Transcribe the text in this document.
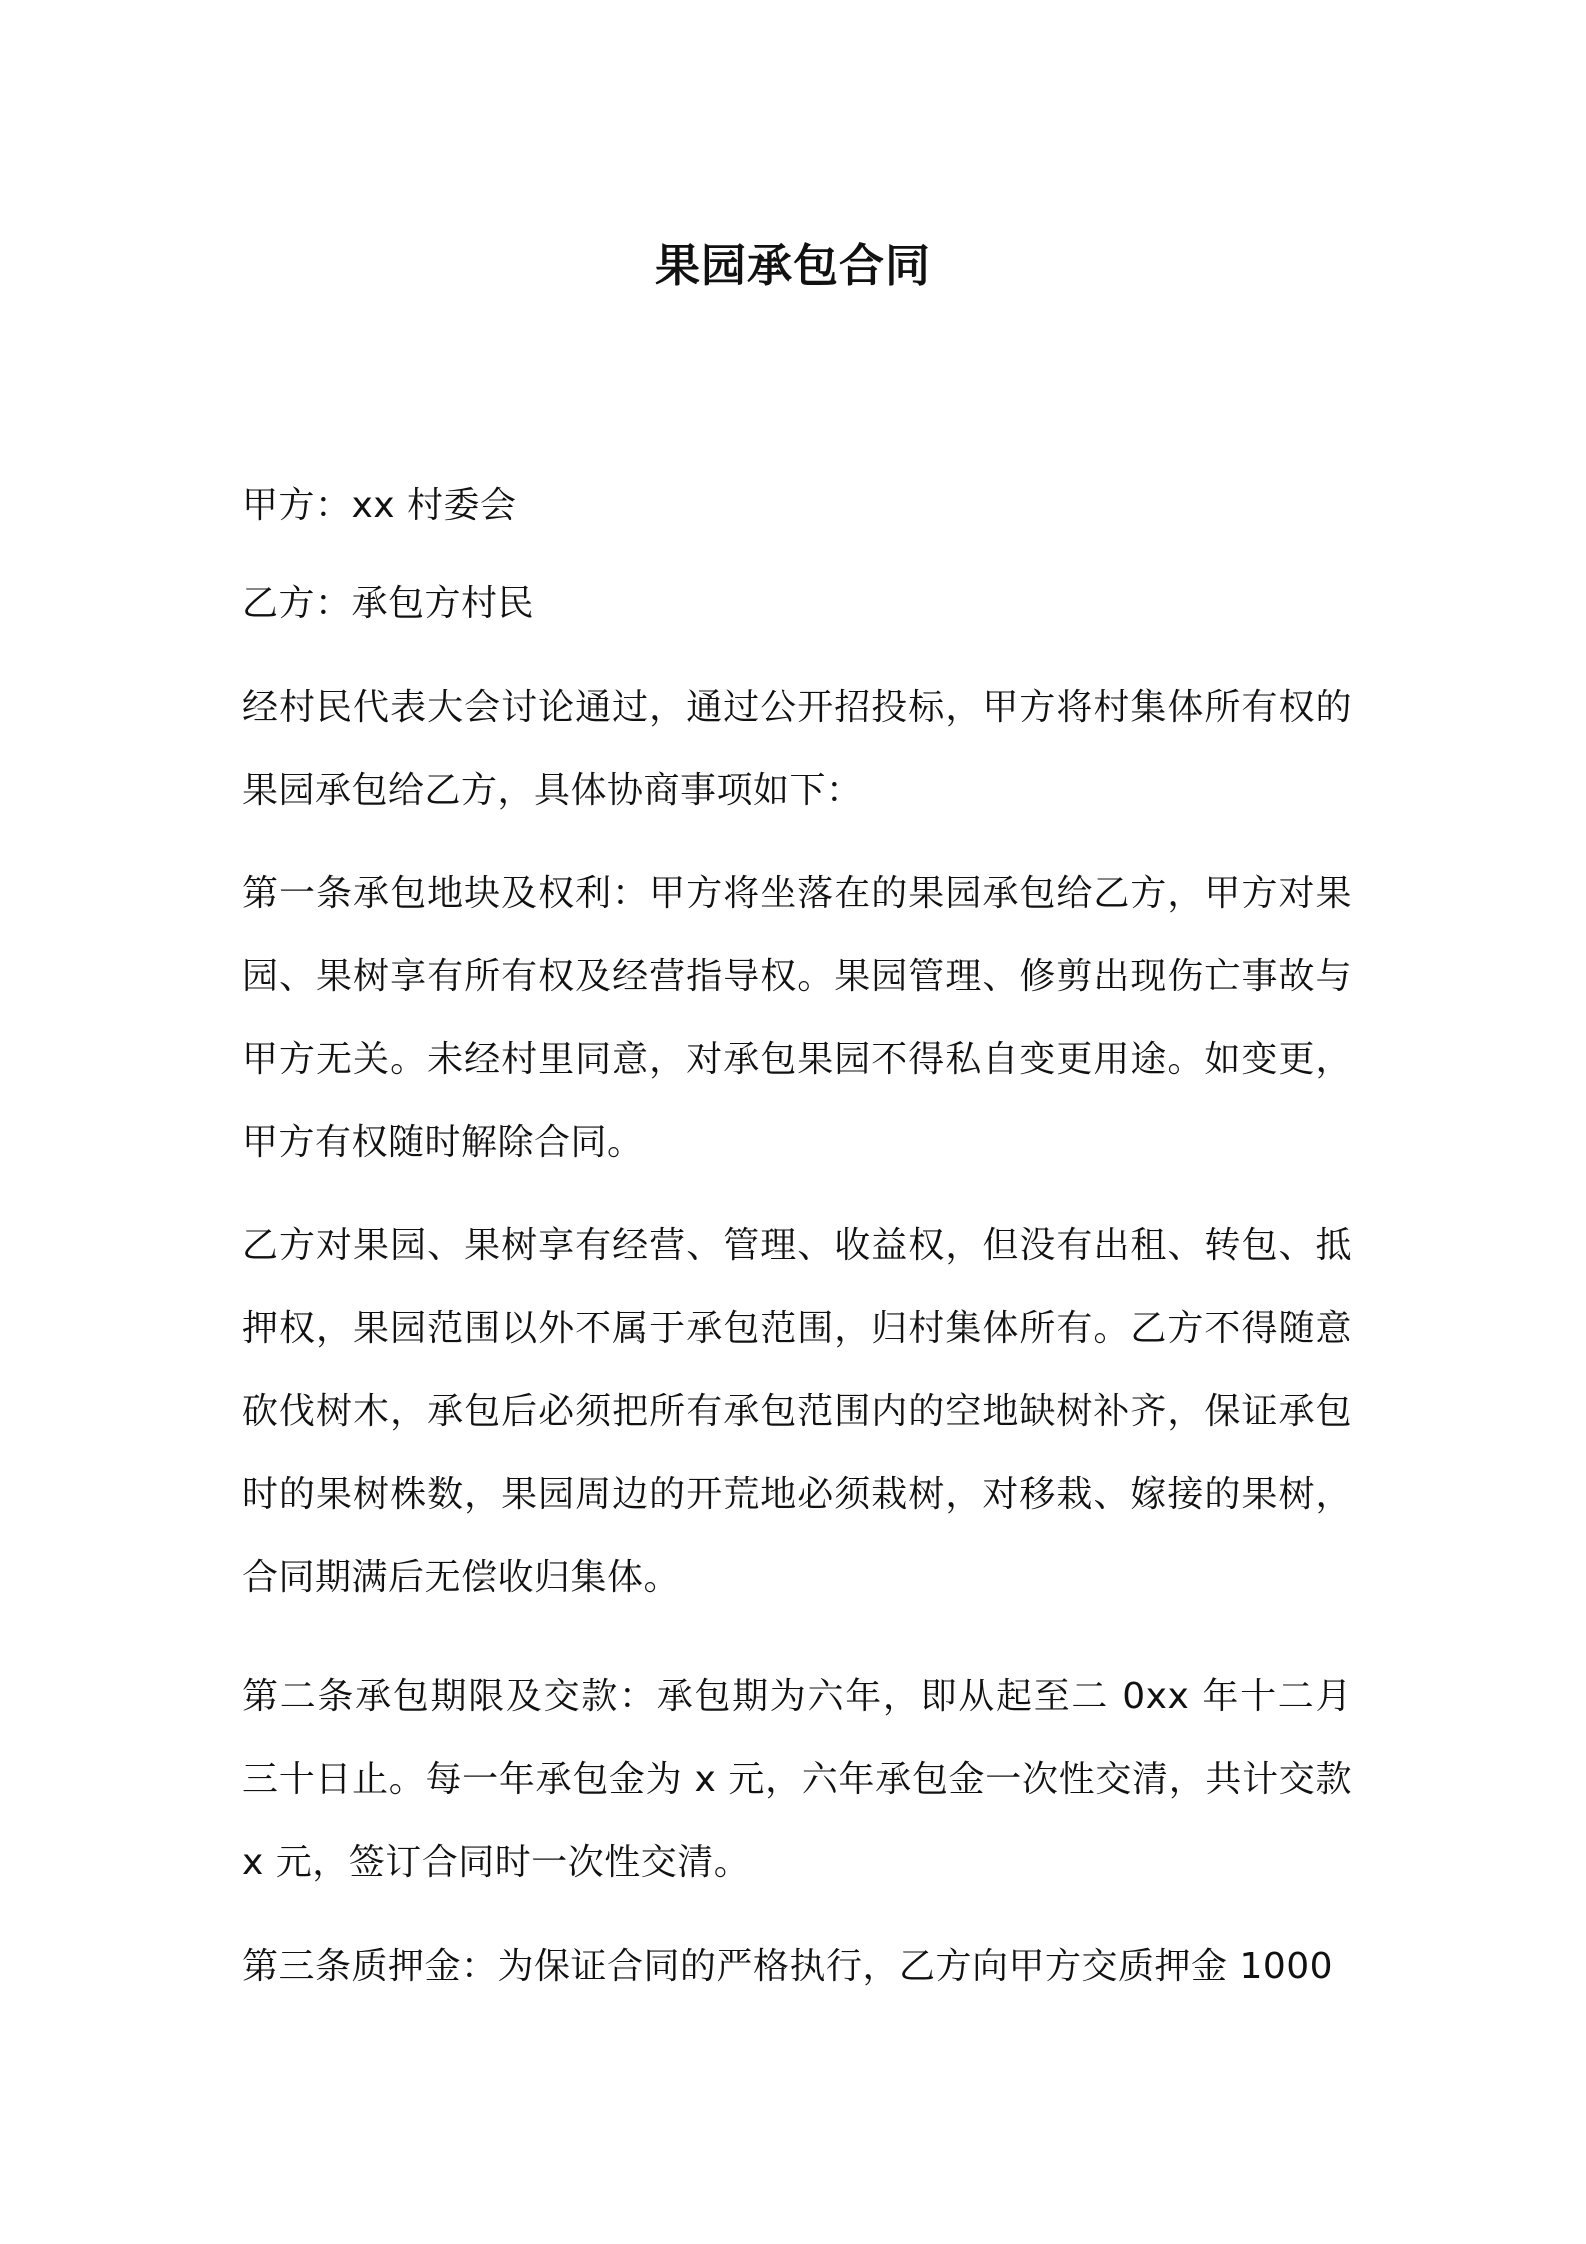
果园承包合同

甲方：xx 村委会

乙方：承包方村民

经村民代表大会讨论通过，通过公开招投标，甲方将村集体所有权的果园承包给乙方，具体协商事项如下：

第一条承包地块及权利：甲方将坐落在的果园承包给乙方，甲方对果园、果树享有所有权及经营指导权。果园管理、修剪出现伤亡事故与甲方无关。未经村里同意，对承包果园不得私自变更用途。如变更，甲方有权随时解除合同。

乙方对果园、果树享有经营、管理、收益权，但没有出租、转包、抵押权，果园范围以外不属于承包范围，归村集体所有。乙方不得随意砍伐树木，承包后必须把所有承包范围内的空地缺树补齐，保证承包时的果树株数，果园周边的开荒地必须栽树，对移栽、嫁接的果树，合同期满后无偿收归集体。

第二条承包期限及交款：承包期为六年，即从起至二 0xx 年十二月三十日止。每一年承包金为 x 元，六年承包金一次性交清，共计交款 x 元，签订合同时一次性交清。

第三条质押金：为保证合同的严格执行，乙方向甲方交质押金 1000
